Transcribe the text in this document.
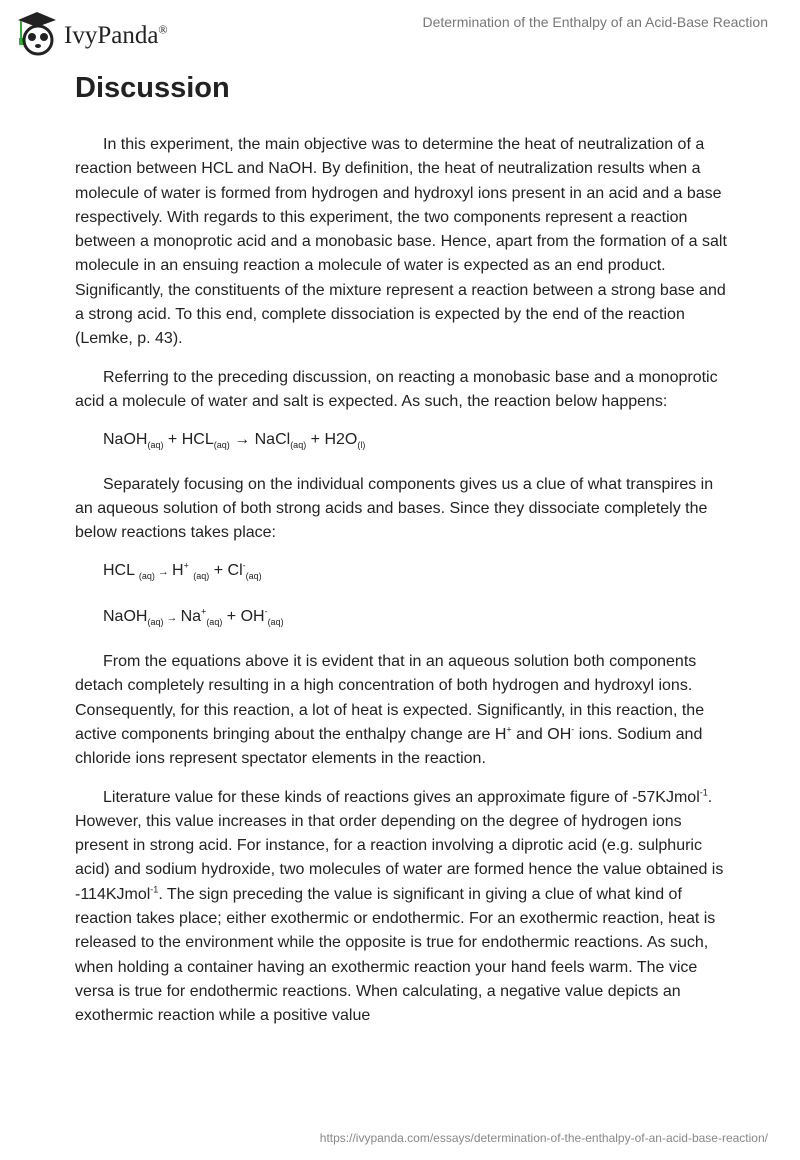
IvyPanda®	Determination of the Enthalpy of an Acid-Base Reaction
Discussion

In this experiment, the main objective was to determine the heat of neutralization of a reaction between HCL and NaOH. By definition, the heat of neutralization results when a molecule of water is formed from hydrogen and hydroxyl ions present in an acid and a base respectively. With regards to this experiment, the two components represent a reaction between a monoprotic acid and a monobasic base. Hence, apart from the formation of a salt molecule in an ensuing reaction a molecule of water is expected as an end product. Significantly, the constituents of the mixture represent a reaction between a strong base and a strong acid. To this end, complete dissociation is expected by the end of the reaction (Lemke, p. 43).

Referring to the preceding discussion, on reacting a monobasic base and a monoprotic acid a molecule of water and salt is expected. As such, the reaction below happens:

NaOH$_{(aq)}$ + $HCL_{(aq)}$ → NaCl$_{(aq)}$ + $H2O_{(l)}$

Separately focusing on the individual components gives us a clue of what transpires in an aqueous solution of both strong acids and bases. Since they dissociate completely the below reactions takes place:

HCL $_{(aq)}$ → H+ $_{(aq)} + Cl^-_{(aq)}$

NaOH$_{(aq)}$ → $Na^+_{(aq)} + OH^-_{(aq)}$

From the equations above it is evident that in an aqueous solution both components detach completely resulting in a high concentration of both hydrogen and hydroxyl ions. Consequently, for this reaction, a lot of heat is expected. Significantly, in this reaction, the active components bringing about the enthalpy change are H+ and OH- ions. Sodium and chloride ions represent spectator elements in the reaction.

Literature value for these kinds of reactions gives an approximate figure of -57KJmol$^{-1}$. However, this value increases in that order depending on the degree of hydrogen ions present in strong acid. For instance, for a reaction involving a diprotic acid (e.g. sulphuric acid) and sodium hydroxide, two molecules of water are formed hence the value obtained is -114KJmol$^{-1}$. The sign preceding the value is significant in giving a clue of what kind of reaction takes place; either exothermic or endothermic. For an exothermic reaction, heat is released to the environment while the opposite is true for endothermic reactions. As such, when holding a container having an exothermic reaction your hand feels warm. The vice versa is true for endothermic reactions. When calculating, a negative value depicts an exothermic reaction while a positive value

https://ivypanda.com/essays/determination-of-the-enthalpy-of-an-acid-base-reaction/
